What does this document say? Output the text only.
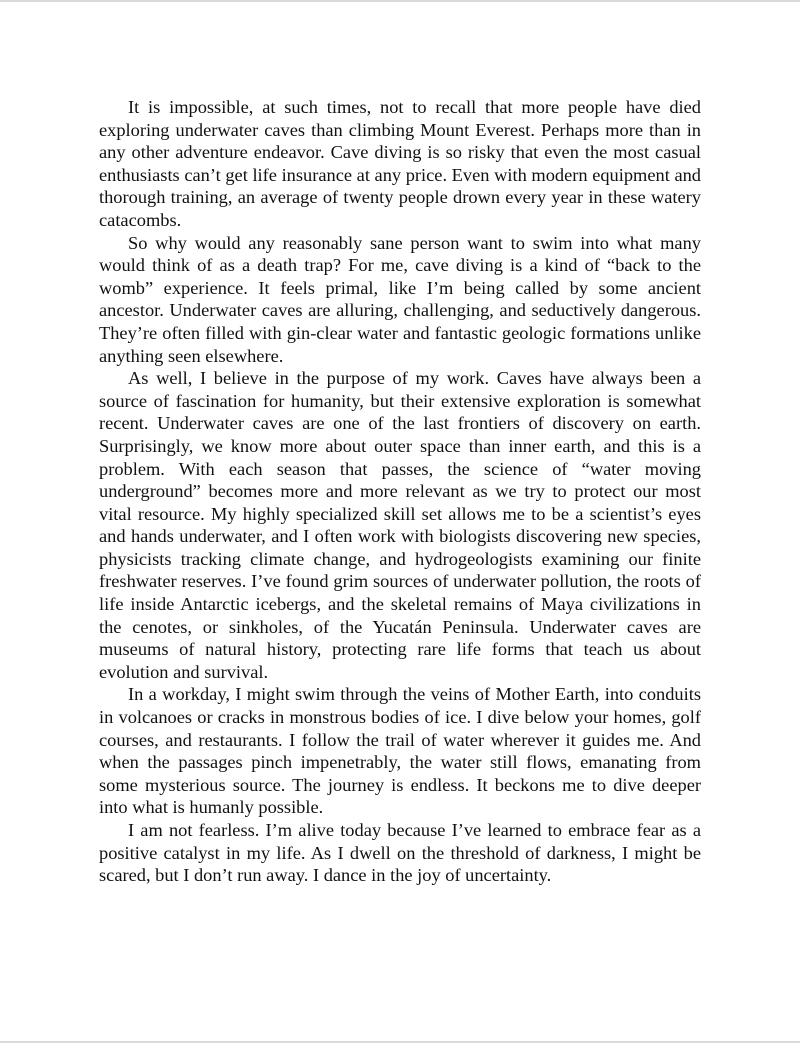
It is impossible, at such times, not to recall that more people have died exploring underwater caves than climbing Mount Everest. Perhaps more than in any other adventure endeavor. Cave diving is so risky that even the most casual enthusiasts can’t get life insurance at any price. Even with modern equipment and thorough training, an average of twenty people drown every year in these watery catacombs.

So why would any reasonably sane person want to swim into what many would think of as a death trap? For me, cave diving is a kind of “back to the womb” experience. It feels primal, like I’m being called by some ancient ancestor. Underwater caves are alluring, challenging, and seductively dangerous. They’re often filled with gin-clear water and fantastic geologic formations unlike anything seen elsewhere.

As well, I believe in the purpose of my work. Caves have always been a source of fascination for humanity, but their extensive exploration is somewhat recent. Underwater caves are one of the last frontiers of discovery on earth. Surprisingly, we know more about outer space than inner earth, and this is a problem. With each season that passes, the science of “water moving underground” becomes more and more relevant as we try to protect our most vital resource. My highly specialized skill set allows me to be a scientist’s eyes and hands underwater, and I often work with biologists discovering new species, physicists tracking climate change, and hydrogeologists examining our finite freshwater reserves. I’ve found grim sources of underwater pollution, the roots of life inside Antarctic icebergs, and the skeletal remains of Maya civilizations in the cenotes, or sinkholes, of the Yucatán Peninsula. Underwater caves are museums of natural history, protecting rare life forms that teach us about evolution and survival.

In a workday, I might swim through the veins of Mother Earth, into conduits in volcanoes or cracks in monstrous bodies of ice. I dive below your homes, golf courses, and restaurants. I follow the trail of water wherever it guides me. And when the passages pinch impenetrably, the water still flows, emanating from some mysterious source. The journey is endless. It beckons me to dive deeper into what is humanly possible.

I am not fearless. I’m alive today because I’ve learned to embrace fear as a positive catalyst in my life. As I dwell on the threshold of darkness, I might be scared, but I don’t run away. I dance in the joy of uncertainty.
